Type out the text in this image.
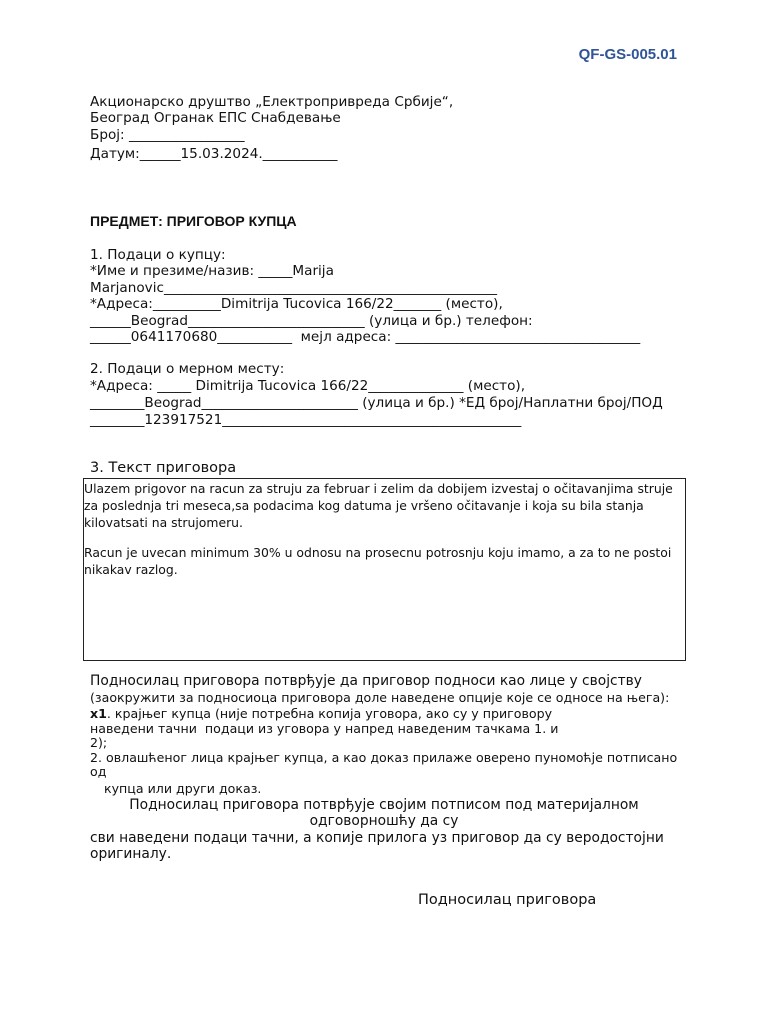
QF-GS-005.01
Акционарско друштво „Електропривреда Србије“,
Београд Огранак ЕПС Снабдевање
Број: _________________
Датум:______15.03.2024.___________
ПРЕДМЕТ: ПРИГОВОР КУПЦА
1. Подаци о купцу:
*Име и презиме/назив: _____Marija
Marjanovic_________________________________________________
*Адреса:__________Dimitrija Tucovica 166/22_______ (место),
______Beograd__________________________ (улица и бр.) телефон:
______0641170680___________  мејл адреса: ____________________________________
2. Подаци о мерном месту:
*Адреса: _____ Dimitrija Tucovica 166/22______________ (место),
________Beograd_______________________ (улица и бр.) *ЕД број/Наплатни број/ПОД
________123917521____________________________________________
3. Текст приговора

Ulazem prigovor na racun za struju za februar i zelim da dobijem izvestaj o očitavanjima struje

za poslednja tri meseca,sa podacima kog datuma je vršeno očitavanje i koja su bila stanja

kilovatsati na strujomeru.

Racun je uvecan minimum 30% u odnosu na prosecnu potrosnju koju imamo, a za to ne postoi

nikakav razlog.

Подносилац приговора потврђује да приговор подноси као лице у својству
(заокружити за подносиоца приговора доле наведене опције које се односе на њега):
x1. крајњег купца (није потребна копија уговора, ако су у приговору
наведени тачни  подаци из уговора у напред наведеним тачкама 1. и
2);
2. овлашћеног лица крајњег купца, а као доказ прилаже оверено пуномоћје потписано
од
купца или други доказ.
Подносилац приговора потврђује својим потписом под материјалном
одговорношћу да су
сви наведени подаци тачни, а копије прилога уз приговор да су веродостојни
оригиналу.
Подносилац приговора
